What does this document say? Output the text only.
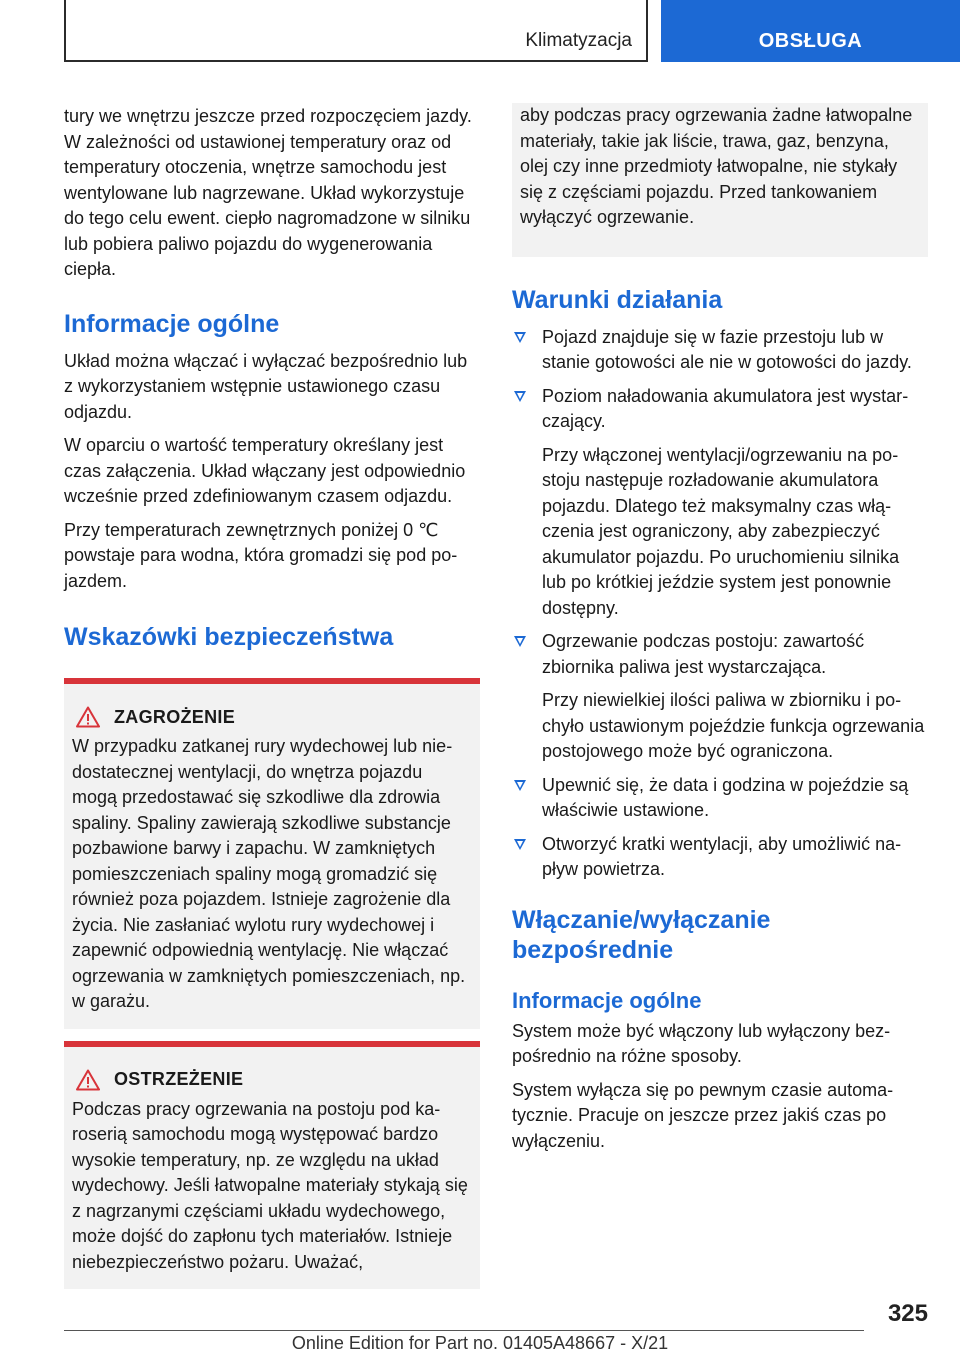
Klimatyzacja	OBSŁUGA

tury we wnętrzu jeszcze przed rozpoczęciem jazdy. W zależności od ustawionej temperatury oraz od temperatury otoczenia, wnętrze samochodu jest wentylowane lub nagrzewane. Układ wykorzystuje do tego celu ewent. ciepło nagromadzone w silniku lub pobiera paliwo pojazdu do wygenerowania ciepła.

Informacje ogólne

Układ można włączać i wyłączać bezpośrednio lub z wykorzystaniem wstępnie ustawionego czasu odjazdu.

W oparciu o wartość temperatury określany jest czas załączenia. Układ włączany jest odpowiednio wcześnie przed zdefiniowanym czasem odjazdu.

Przy temperaturach zewnętrznych poniżej 0 ℃ powstaje para wodna, która gromadzi się pod pojazdem.

Wskazówki bezpieczeństwa
ZAGROŻENIE

W przypadku zatkanej rury wydechowej lub niedostatecznej wentylacji, do wnętrza pojazdu mogą przedostawać się szkodliwe dla zdrowia spaliny. Spaliny zawierają szkodliwe substancje pozbawione barwy i zapachu. W zamkniętych pomieszczeniach spaliny mogą gromadzić się również poza pojazdem. Istnieje zagrożenie dla życia. Nie zasłaniać wylotu rury wydechowej i zapewnić odpowiednią wentylację. Nie włączać ogrzewania w zamkniętych pomieszczeniach, np. w garażu.

OSTRZEŻENIE

Podczas pracy ogrzewania na postoju pod karoserią samochodu mogą występować bardzo wysokie temperatury, np. ze względu na układ wydechowy. Jeśli łatwopalne materiały stykają się z nagrzanymi częściami układu wydechowego, może dojść do zapłonu tych materiałów. Istnieje niebezpieczeństwo pożaru. Uważać,

aby podczas pracy ogrzewania żadne łatwopalne materiały, takie jak liście, trawa, gaz, benzyna, olej czy inne przedmioty łatwopalne, nie stykały się z częściami pojazdu. Przed tankowaniem wyłączyć ogrzewanie.

Warunki działania

Pojazd znajduje się w fazie przestoju lub w stanie gotowości ale nie w gotowości do jazdy.

Poziom naładowania akumulatora jest wystarczający.

Przy włączonej wentylacji/ogrzewaniu na postoju następuje rozładowanie akumulatora pojazdu. Dlatego też maksymalny czas włączenia jest ograniczony, aby zabezpieczyć akumulator pojazdu. Po uruchomieniu silnika lub po krótkiej jeździe system jest ponownie dostępny.

Ogrzewanie podczas postoju: zawartość zbiornika paliwa jest wystarczająca.

Przy niewielkiej ilości paliwa w zbiorniku i pochyło ustawionym pojeździe funkcja ogrzewania postojowego może być ograniczona.

Upewnić się, że data i godzina w pojeździe są właściwie ustawione.

Otworzyć kratki wentylacji, aby umożliwić napływ powietrza.

Włączanie/wyłączanie bezpośrednie
Informacje ogólne

System może być włączony lub wyłączony bezpośrednio na różne sposoby.

System wyłącza się po pewnym czasie automatycznie. Pracuje on jeszcze przez jakiś czas po wyłączeniu.

325
Online Edition for Part no. 01405A48667 - X/21
